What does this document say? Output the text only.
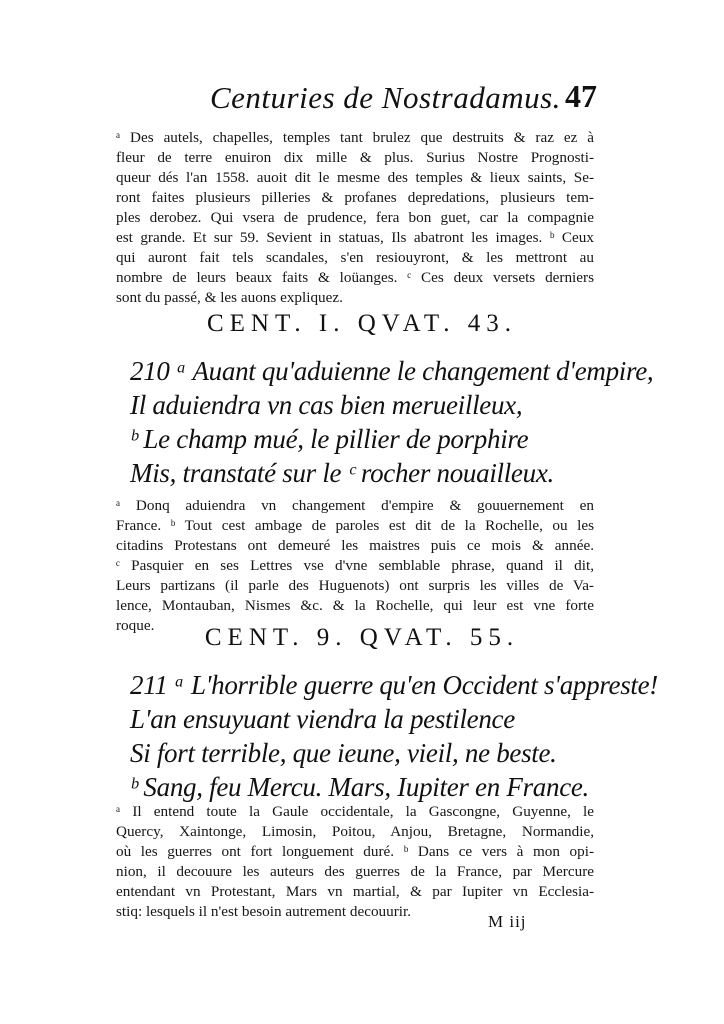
Centuries de Nostradamus. 47
ᵃ Des autels, chapelles, temples tant brulez que destruits & raz ez à
fleur de terre enuiron dix mille & plus. Surius Nostre Prognosti-
queur dés l'an 1558. auoit dit le mesme des temples & lieux saints, Se-
ront faites plusieurs pilleries & profanes depredations, plusieurs tem-
ples derobez. Qui vsera de prudence, fera bon guet, car la compagnie
est grande. Et sur 59. Sevient in statuas, Ils abatront les images. ᵇ Ceux
qui auront fait tels scandales, s'en resiouyront, & les mettront au
nombre de leurs beaux faits & loüanges. ᶜ Ces deux versets derniers
sont du passé, & les auons expliquez.
CENT. I. QVAT. 43.
210 ᵃ Auant qu'aduienne le changement d'empire,
Il aduiendra vn cas bien merueilleux,
ᵇ Le champ mué, le pillier de porphire
Mis, transtaté sur le ᶜ rocher nouailleux.
ᵃ Donq aduiendra vn changement d'empire & gouuernement en
France. ᵇ Tout cest ambage de paroles est dit de la Rochelle, ou les
citadins Protestans ont demeuré les maistres puis ce mois & année.
ᶜ Pasquier en ses Lettres vse d'vne semblable phrase, quand il dit,
Leurs partizans (il parle des Huguenots) ont surpris les villes de Va-
lence, Montauban, Nismes &c. & la Rochelle, qui leur est vne forte
roque.	CENT. 9. QVAT. 55.
211 ᵃ L'horrible guerre qu'en Occident s'appreste!
L'an ensuyuant viendra la pestilence
Si fort terrible, que ieune, vieil, ne beste.
ᵇ Sang, feu Mercu. Mars, Iupiter en France.
ᵃ Il entend toute la Gaule occidentale, la Gascongne, Guyenne, le
Quercy, Xaintonge, Limosin, Poitou, Anjou, Bretagne, Normandie,
où les guerres ont fort longuement duré. ᵇ Dans ce vers à mon opi-
nion, il decouure les auteurs des guerres de la France, par Mercure
entendant vn Protestant, Mars vn martial, & par Iupiter vn Ecclesia-
stiq: lesquels il n'est besoin autrement decouurir.
M iij
